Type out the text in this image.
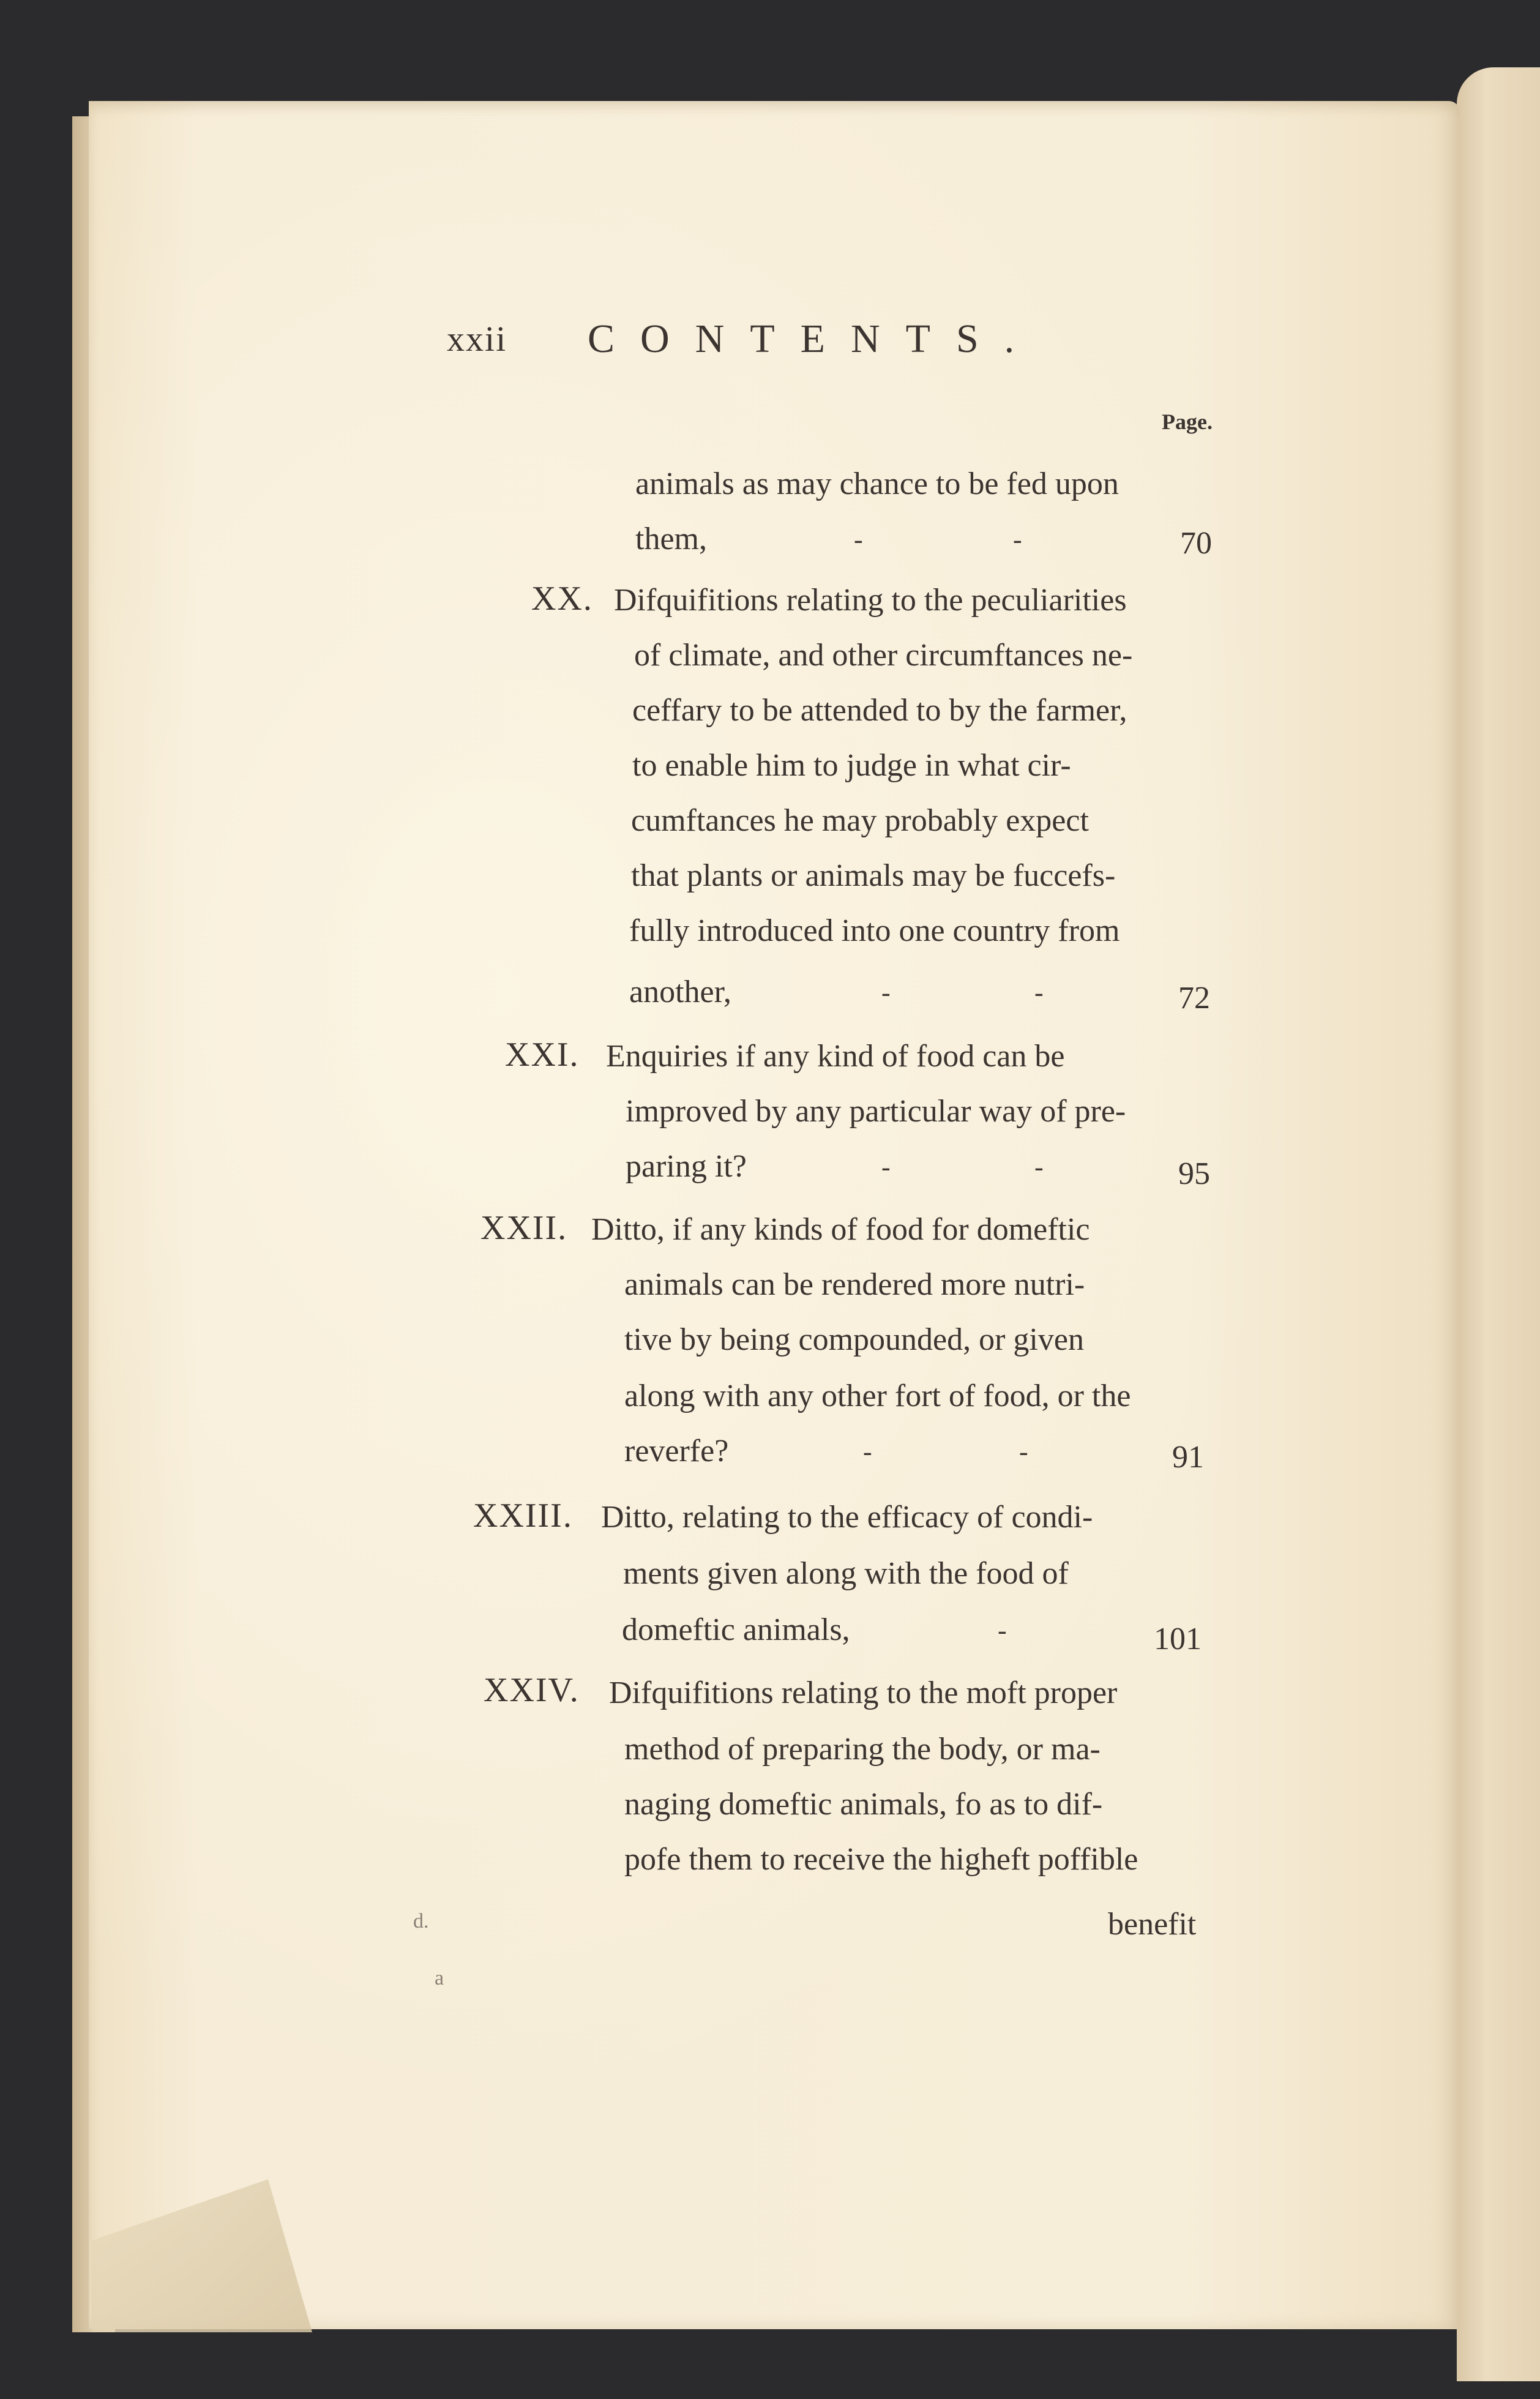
xxii CONTENTS.
Page.
animals as may chance to be fed upon
them,	-	-	70
XX. Difquifitions relating to the peculiarities
of climate, and other circumftances ne-
ceffary to be attended to by the farmer,
to enable him to judge in what cir-
cumftances he may probably expect
that plants or animals may be fuccefs-
fully introduced into one country from
another,	-	-	72
XXI. Enquiries if any kind of food can be
improved by any particular way of pre-
paring it?	-	-	95
XXII. Ditto, if any kinds of food for domeftic
animals can be rendered more nutri-
tive by being compounded, or given
along with any other fort of food, or the
reverfe?	-	-	91
XXIII. Ditto, relating to the efficacy of condi-
ments given along with the food of
domeftic animals,	-	101
XXIV. Difquifitions relating to the moft proper
method of preparing the body, or ma-
naging domeftic animals, fo as to dif-
pofe them to receive the higheft poffible
benefit
d.
a
